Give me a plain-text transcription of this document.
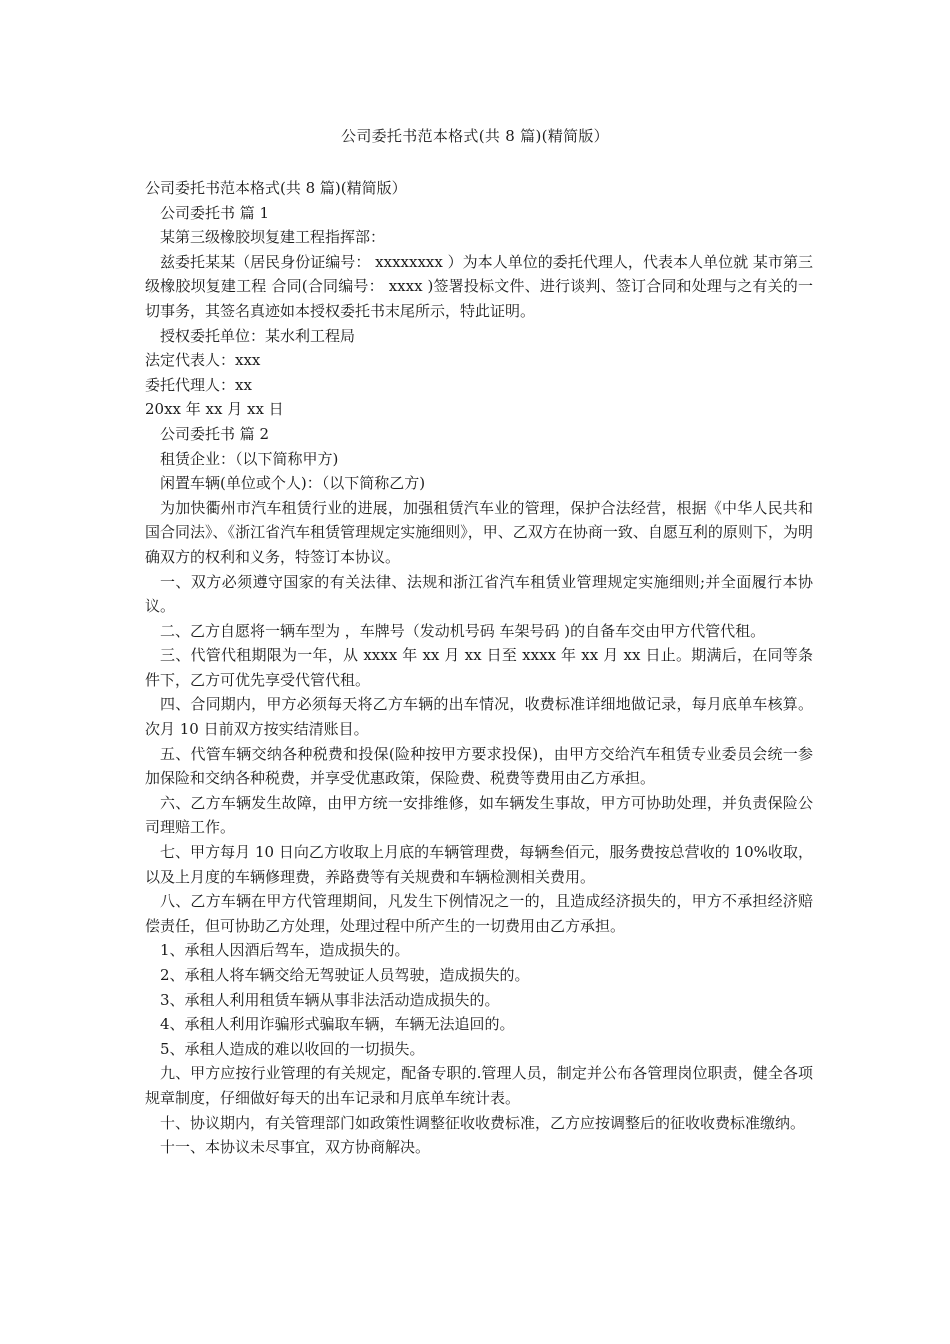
公司委托书范本格式(共 8 篇)(精简版）

公司委托书范本格式(共 8 篇)(精简版）

公司委托书 篇 1

某第三级橡胶坝复建工程指挥部：

兹委托某某（居民身份证编号： xxxxxxxx ）为本人单位的委托代理人，代表本人单位就 某市第三级橡胶坝复建工程 合同(合同编号： xxxx )签署投标文件、进行谈判、签订合同和处理与之有关的一切事务，其签名真迹如本授权委托书末尾所示，特此证明。

授权委托单位：某水利工程局

法定代表人：xxx

委托代理人：xx

20xx 年 xx 月 xx 日

公司委托书 篇 2

租赁企业：（以下简称甲方)

闲置车辆(单位或个人)：（以下简称乙方)

为加快衢州市汽车租赁行业的进展，加强租赁汽车业的管理，保护合法经营，根据《中华人民共和国合同法》、《浙江省汽车租赁管理规定实施细则》，甲、乙双方在协商一致、自愿互利的原则下，为明确双方的权利和义务，特签订本协议。

一、双方必须遵守国家的有关法律、法规和浙江省汽车租赁业管理规定实施细则;并全面履行本协议。

二、乙方自愿将一辆车型为 ，车牌号（发动机号码 车架号码 )的自备车交由甲方代管代租。

三、代管代租期限为一年，从 xxxx 年 xx 月 xx 日至 xxxx 年 xx 月 xx 日止。期满后，在同等条件下，乙方可优先享受代管代租。

四、合同期内，甲方必须每天将乙方车辆的出车情况，收费标准详细地做记录，每月底单车核算。次月 10 日前双方按实结清账目。

五、代管车辆交纳各种税费和投保(险种按甲方要求投保)，由甲方交给汽车租赁专业委员会统一参加保险和交纳各种税费，并享受优惠政策，保险费、税费等费用由乙方承担。

六、乙方车辆发生故障，由甲方统一安排维修，如车辆发生事故，甲方可协助处理，并负责保险公司理赔工作。

七、甲方每月 10 日向乙方收取上月底的车辆管理费，每辆叁佰元，服务费按总营收的 10%收取，以及上月度的车辆修理费，养路费等有关规费和车辆检测相关费用。

八、乙方车辆在甲方代管理期间，凡发生下例情况之一的，且造成经济损失的，甲方不承担经济赔偿责任，但可协助乙方处理，处理过程中所产生的一切费用由乙方承担。

1、承租人因酒后驾车，造成损失的。

2、承租人将车辆交给无驾驶证人员驾驶，造成损失的。

3、承租人利用租赁车辆从事非法活动造成损失的。

4、承租人利用诈骗形式骗取车辆，车辆无法追回的。

5、承租人造成的难以收回的一切损失。

九、甲方应按行业管理的有关规定，配备专职的.管理人员，制定并公布各管理岗位职责，健全各项规章制度，仔细做好每天的出车记录和月底单车统计表。

十、协议期内，有关管理部门如政策性调整征收收费标准，乙方应按调整后的征收收费标准缴纳。

十一、本协议未尽事宜，双方协商解决。
